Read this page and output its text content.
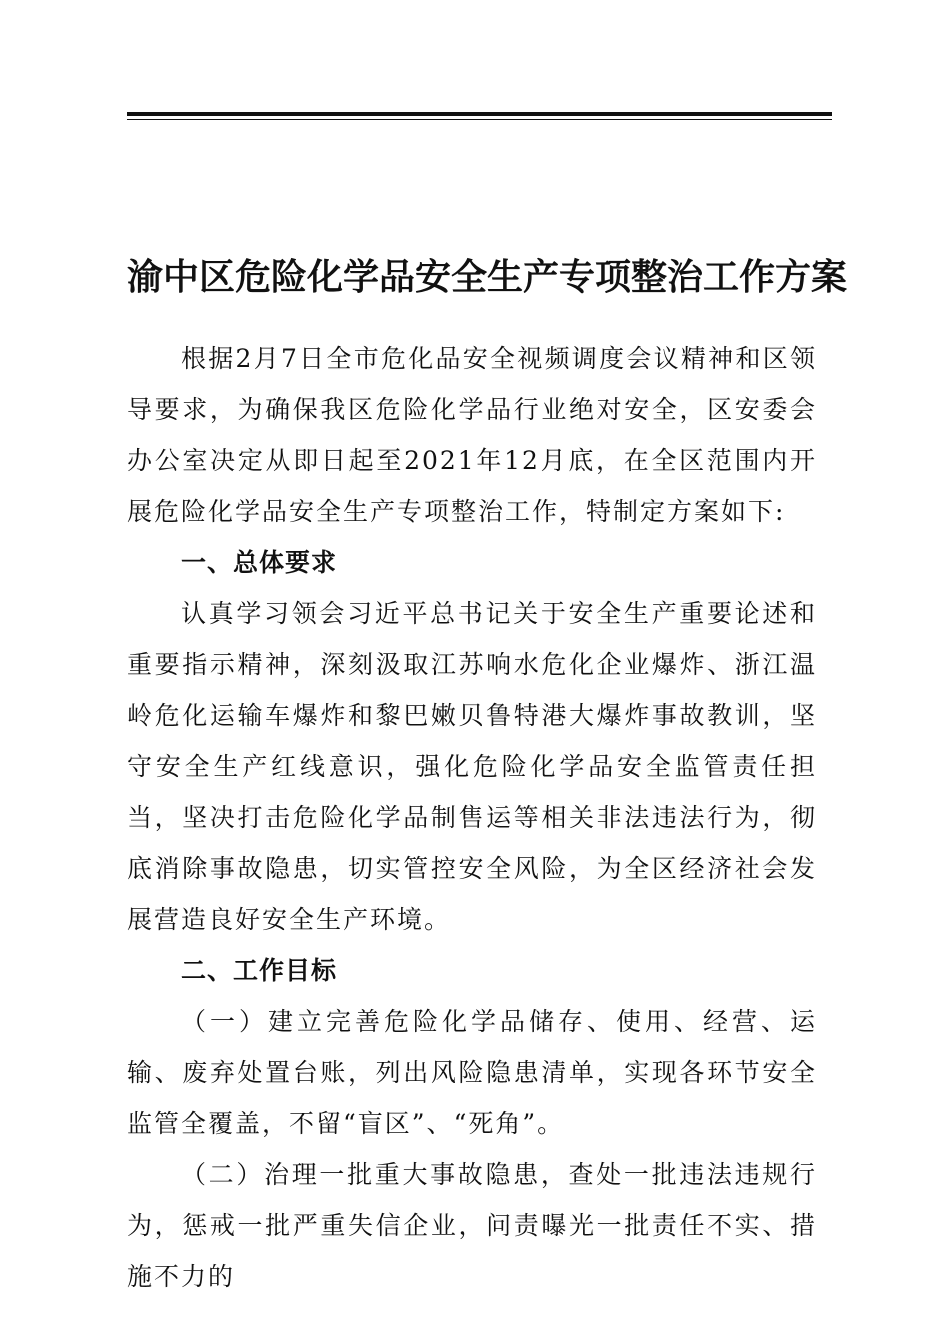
渝中区危险化学品安全生产专项整治工作方案

根据2月7日全市危化品安全视频调度会议精神和区领导要求，为确保我区危险化学品行业绝对安全，区安委会办公室决定从即日起至2021年12月底，在全区范围内开展危险化学品安全生产专项整治工作，特制定方案如下:

一、总体要求

认真学习领会习近平总书记关于安全生产重要论述和重要指示精神，深刻汲取江苏响水危化企业爆炸、浙江温岭危化运输车爆炸和黎巴嫩贝鲁特港大爆炸事故教训，坚守安全生产红线意识，强化危险化学品安全监管责任担当，坚决打击危险化学品制售运等相关非法违法行为，彻底消除事故隐患，切实管控安全风险，为全区经济社会发展营造良好安全生产环境。

二、工作目标

（一）建立完善危险化学品储存、使用、经营、运输、废弃处置台账，列出风险隐患清单，实现各环节安全监管全覆盖，不留“盲区”、“死角”。

（二）治理一批重大事故隐患，查处一批违法违规行为，惩戒一批严重失信企业，问责曝光一批责任不实、措施不力的
